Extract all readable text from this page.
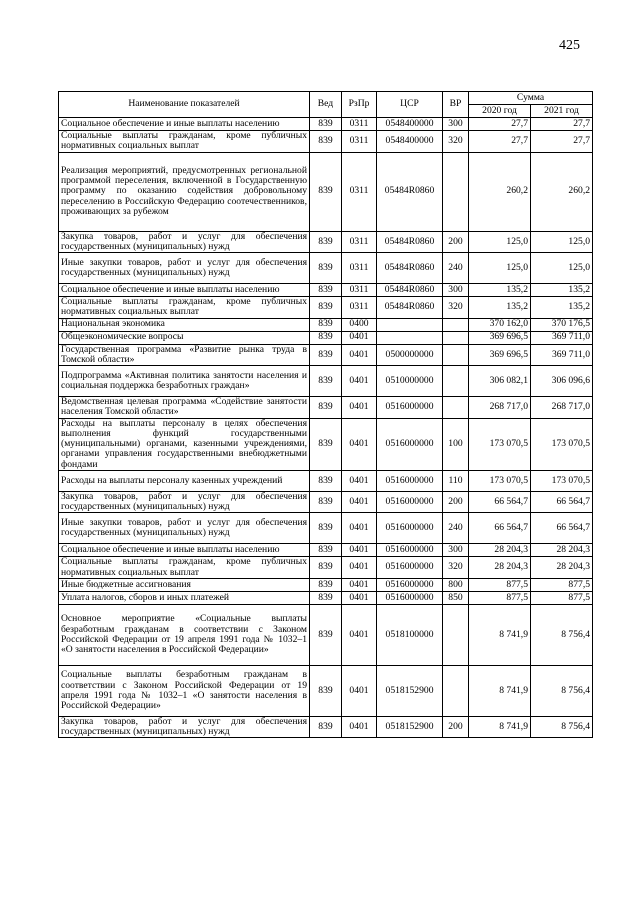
425
Наименование показателей	Вед	РзПр	ЦСР	ВР	Сумма	
					2020 год	2021 год
Социальное обеспечение и иные выплаты населению	839	0311	0548400000	300	27,7	27,7
Социальные выплаты гражданам, кроме публичных нормативных социальных выплат	839	0311	0548400000	320	27,7	27,7
Реализация мероприятий, предусмотренных региональной программой переселения, включенной в Государственную программу по оказанию содействия добровольному переселению в Российскую Федерацию соотечественников, проживающих за рубежом	839	0311	05484R0860		260,2	260,2
Закупка товаров, работ и услуг для обеспечения государственных (муниципальных) нужд	839	0311	05484R0860	200	125,0	125,0
Иные закупки товаров, работ и услуг для обеспечения государственных (муниципальных) нужд	839	0311	05484R0860	240	125,0	125,0
Социальное обеспечение и иные выплаты населению	839	0311	05484R0860	300	135,2	135,2
Социальные выплаты гражданам, кроме публичных нормативных социальных выплат	839	0311	05484R0860	320	135,2	135,2
Национальная экономика	839	0400			370 162,0	370 176,5
Общеэкономические вопросы	839	0401			369 696,5	369 711,0
Государственная программа «Развитие рынка труда в Томской области»	839	0401	0500000000		369 696,5	369 711,0
Подпрограмма «Активная политика занятости населения и социальная поддержка безработных граждан»	839	0401	0510000000		306 082,1	306 096,6
Ведомственная целевая программа «Содействие занятости населения Томской области»	839	0401	0516000000		268 717,0	268 717,0
Расходы на выплаты персоналу в целях обеспечения выполнения функций государственными (муниципальными) органами, казенными учреждениями, органами управления государственными внебюджетными фондами	839	0401	0516000000	100	173 070,5	173 070,5
Расходы на выплаты персоналу казенных учреждений	839	0401	0516000000	110	173 070,5	173 070,5
Закупка товаров, работ и услуг для обеспечения государственных (муниципальных) нужд	839	0401	0516000000	200	66 564,7	66 564,7
Иные закупки товаров, работ и услуг для обеспечения государственных (муниципальных) нужд	839	0401	0516000000	240	66 564,7	66 564,7
Социальное обеспечение и иные выплаты населению	839	0401	0516000000	300	28 204,3	28 204,3
Социальные выплаты гражданам, кроме публичных нормативных социальных выплат	839	0401	0516000000	320	28 204,3	28 204,3
Иные бюджетные ассигнования	839	0401	0516000000	800	877,5	877,5
Уплата налогов, сборов и иных платежей	839	0401	0516000000	850	877,5	877,5
Основное мероприятие «Социальные выплаты безработным гражданам в соответствии с Законом Российской Федерации от 19 апреля 1991 года № 1032–1 «О занятости населения в Российской Федерации»	839	0401	0518100000		8 741,9	8 756,4
Социальные выплаты безработным гражданам в соответствии с Законом Российской Федерации от 19 апреля 1991 года № 1032–1 «О занятости населения в Российской Федерации»	839	0401	0518152900		8 741,9	8 756,4
Закупка товаров, работ и услуг для обеспечения государственных (муниципальных) нужд	839	0401	0518152900	200	8 741,9	8 756,4
